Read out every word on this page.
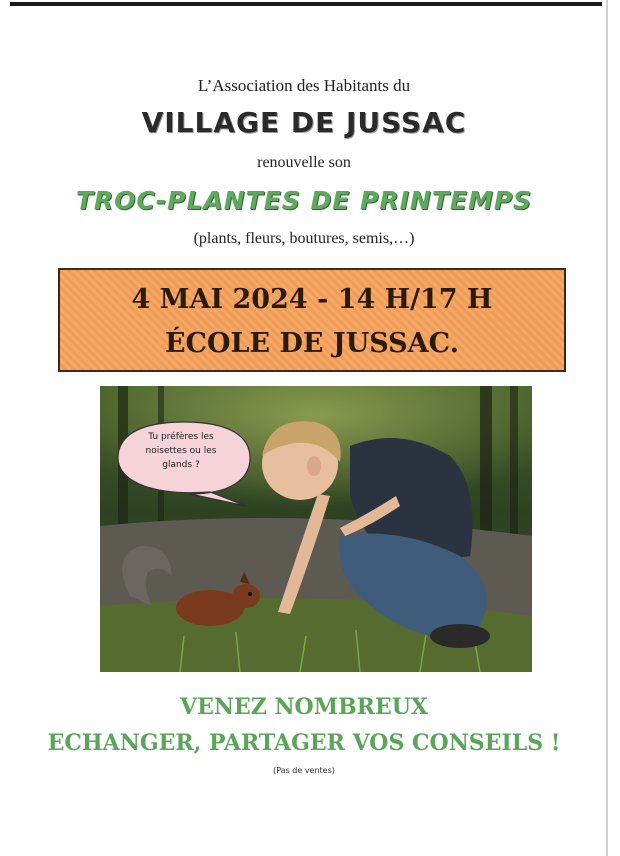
L’Association des Habitants du
VILLAGE DE JUSSAC
renouvelle son
TROC-PLANTES DE PRINTEMPS
(plants, fleurs, boutures, semis,…)
4 MAI 2024 - 14 H/17 H
ÉCOLE DE JUSSAC.
Tu préfères les
noisettes ou les
glands ?
VENEZ NOMBREUX
ECHANGER, PARTAGER VOS CONSEILS !
(Pas de ventes)
